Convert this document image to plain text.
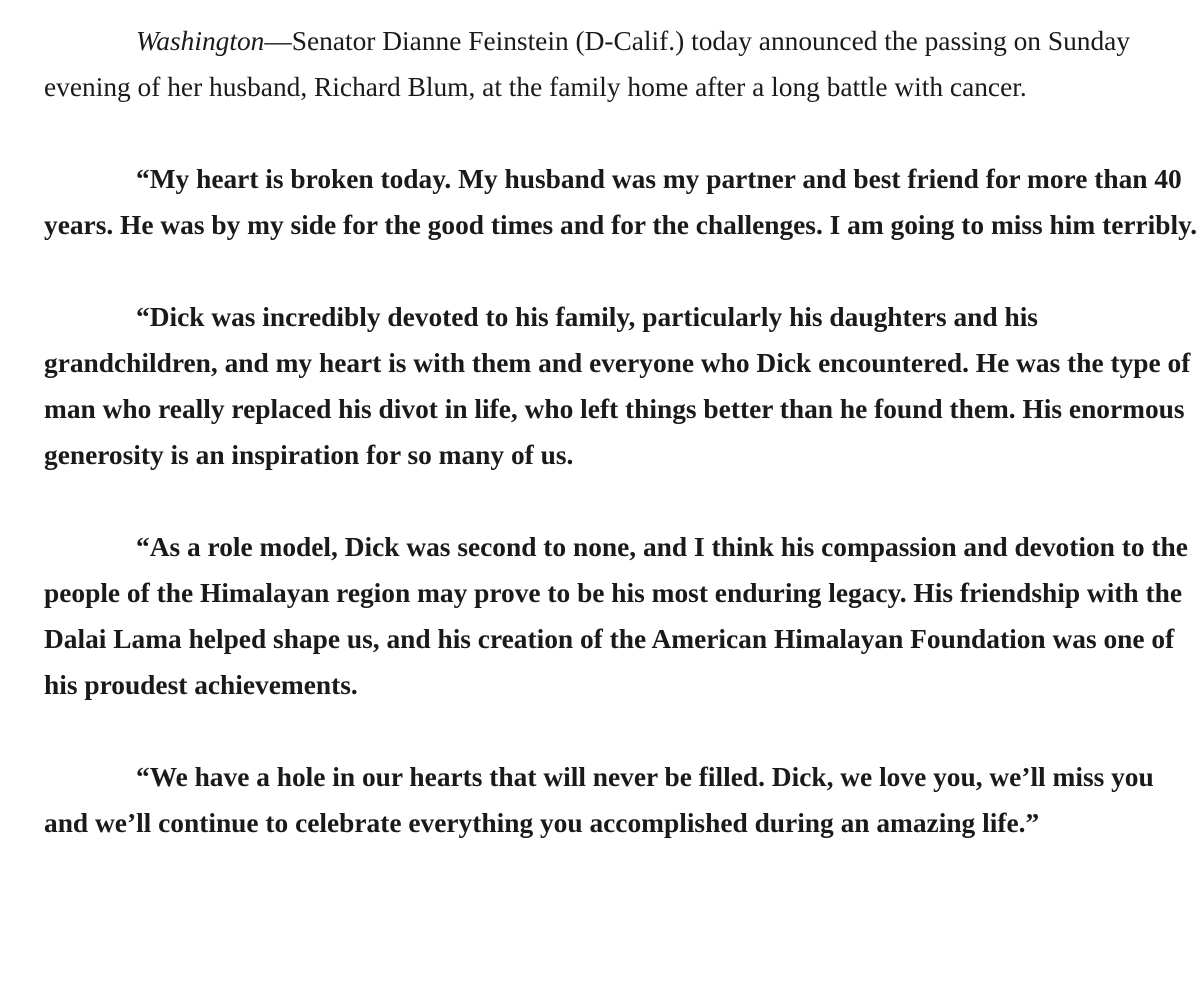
Washington—Senator Dianne Feinstein (D-Calif.) today announced the passing on Sunday evening of her husband, Richard Blum, at the family home after a long battle with cancer.

“My heart is broken today. My husband was my partner and best friend for more than 40 years. He was by my side for the good times and for the challenges. I am going to miss him terribly.

“Dick was incredibly devoted to his family, particularly his daughters and his grandchildren, and my heart is with them and everyone who Dick encountered. He was the type of man who really replaced his divot in life, who left things better than he found them. His enormous generosity is an inspiration for so many of us.

“As a role model, Dick was second to none, and I think his compassion and devotion to the people of the Himalayan region may prove to be his most enduring legacy. His friendship with the Dalai Lama helped shape us, and his creation of the American Himalayan Foundation was one of his proudest achievements.

“We have a hole in our hearts that will never be filled. Dick, we love you, we’ll miss you and we’ll continue to celebrate everything you accomplished during an amazing life.”
